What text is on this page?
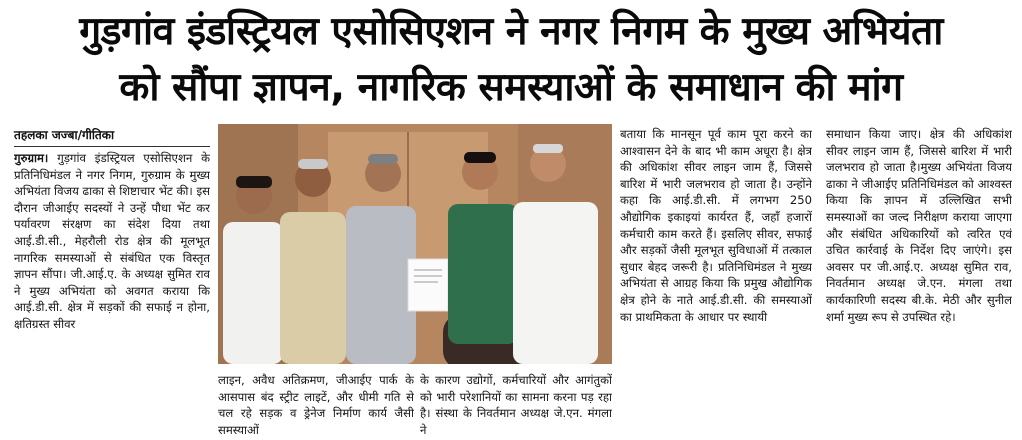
गुड़गांव इंडस्ट्रियल एसोसिएशन ने नगर निगम के मुख्य अभियंता
को सौंपा ज्ञापन, नागरिक समस्याओं के समाधान की मांग
तहलका जज्बा/गीतिका

गुरुग्राम। गुड़गांव इंडस्ट्रियल एसोसिएशन के प्रतिनिधिमंडल ने नगर निगम, गुरुग्राम के मुख्य अभियंता विजय ढाका से शिष्टाचार भेंट की। इस दौरान जीआईए सदस्यों ने उन्हें पौधा भेंट कर पर्यावरण संरक्षण का संदेश दिया तथा आई.डी.सी., मेहरौली रोड क्षेत्र की मूलभूत नागरिक समस्याओं से संबंधित एक विस्तृत ज्ञापन सौंपा। जी.आई.ए. के अध्यक्ष सुमित राव ने मुख्य अभियंता को अवगत कराया कि आई.डी.सी. क्षेत्र में सड़कों की सफाई न होना, क्षतिग्रस्त सीवर

लाइन, अवैध अतिक्रमण, जीआईए पार्क के आसपास बंद स्ट्रीट लाइटें, और धीमी गति से चल रहे सड़क व ड्रेनेज निर्माण कार्य जैसी समस्याओं

के कारण उद्योगों, कर्मचारियों और आगंतुकों को भारी परेशानियों का सामना करना पड़ रहा है। संस्था के निवर्तमान अध्यक्ष जे.एन. मंगला ने

बताया कि मानसून पूर्व काम पूरा करने का आश्वासन देने के बाद भी काम अधूरा है। क्षेत्र की अधिकांश सीवर लाइन जाम हैं, जिससे बारिश में भारी जलभराव हो जाता है। उन्होंने कहा कि आई.डी.सी. में लगभग 250 औद्योगिक इकाइयां कार्यरत हैं, जहाँ हजारों कर्मचारी काम करते हैं। इसलिए सीवर, सफाई और सड़कों जैसी मूलभूत सुविधाओं में तत्काल सुधार बेहद जरूरी है। प्रतिनिधिमंडल ने मुख्य अभियंता से आग्रह किया कि प्रमुख औद्योगिक क्षेत्र होने के नाते आई.डी.सी. की समस्याओं का प्राथमिकता के आधार पर स्थायी

समाधान किया जाए। क्षेत्र की अधिकांश सीवर लाइन जाम हैं, जिससे बारिश में भारी जलभराव हो जाता है।मुख्य अभियंता विजय ढाका ने जीआईए प्रतिनिधिमंडल को आश्वस्त किया कि ज्ञापन में उल्लिखित सभी समस्याओं का जल्द निरीक्षण कराया जाएगा और संबंधित अधिकारियों को त्वरित एवं उचित कार्रवाई के निर्देश दिए जाएंगे। इस अवसर पर जी.आई.ए. अध्यक्ष सुमित राव, निवर्तमान अध्यक्ष जे.एन. मंगला तथा कार्यकारिणी सदस्य बी.के. मेठी और सुनील शर्मा मुख्य रूप से उपस्थित रहे।
